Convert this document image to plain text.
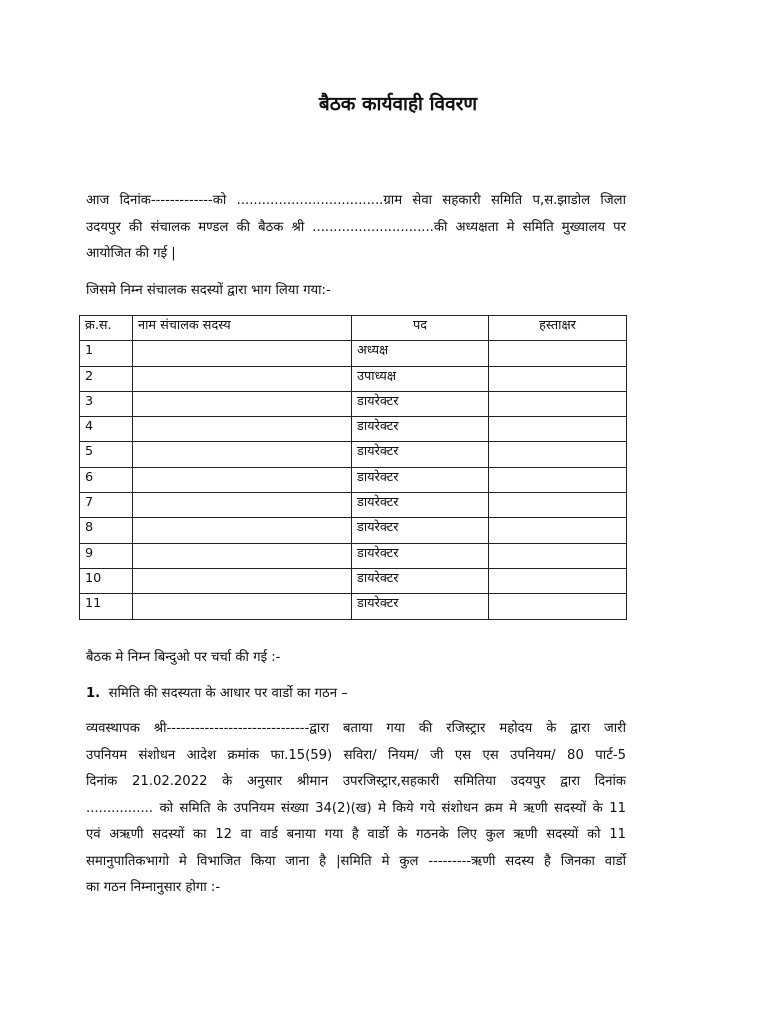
बैठक कार्यवाही विवरण
आज दिनांक-------------को ...................................ग्राम सेवा सहकारी समिति प,स.झाडोल जिला
उदयपुर की संचालक मण्डल की बैठक श्री .............................की अध्यक्षता मे समिति मुख्यालय पर
आयोजित की गई |
जिसमे निम्न संचालक सदस्यों द्वारा भाग लिया गया:-
क्र.स.	नाम संचालक सदस्य	पद	हस्ताक्षर
1		अध्यक्ष	
2		उपाध्यक्ष	
3		डायरेक्टर	
4		डायरेक्टर	
5		डायरेक्टर	
6		डायरेक्टर	
7		डायरेक्टर	
8		डायरेक्टर	
9		डायरेक्टर	
10		डायरेक्टर	
11		डायरेक्टर	
बैठक मे निम्न बिन्दुओ पर चर्चा की गई :-
1. समिति की सदस्यता के आधार पर वार्डो का गठन –
व्यवस्थापक श्री------------------------------द्वारा बताया गया की रजिस्ट्रार महोदय के द्वारा जारी
उपनियम संशोधन आदेश क्रमांक फा.15(59) सविरा/ नियम/ जी एस एस उपनियम/ 80 पार्ट-5
दिनांक 21.02.2022 के अनुसार श्रीमान उपरजिस्ट्रार,सहकारी समितिया उदयपुर द्वारा दिनांक
................ को समिति के उपनियम संख्या 34(2)(ख) मे किये गये संशोधन क्रम मे ऋणी सदस्यों के 11
एवं अऋणी सदस्यों का 12 वा वार्ड बनाया गया है वार्डो के गठनके लिए कुल ऋणी सदस्यों को 11
समानुपातिकभागो मे विभाजित किया जाना है |समिति मे कुल ---------ऋणी सदस्य है जिनका वार्डो
का गठन निम्नानुसार होगा :-
